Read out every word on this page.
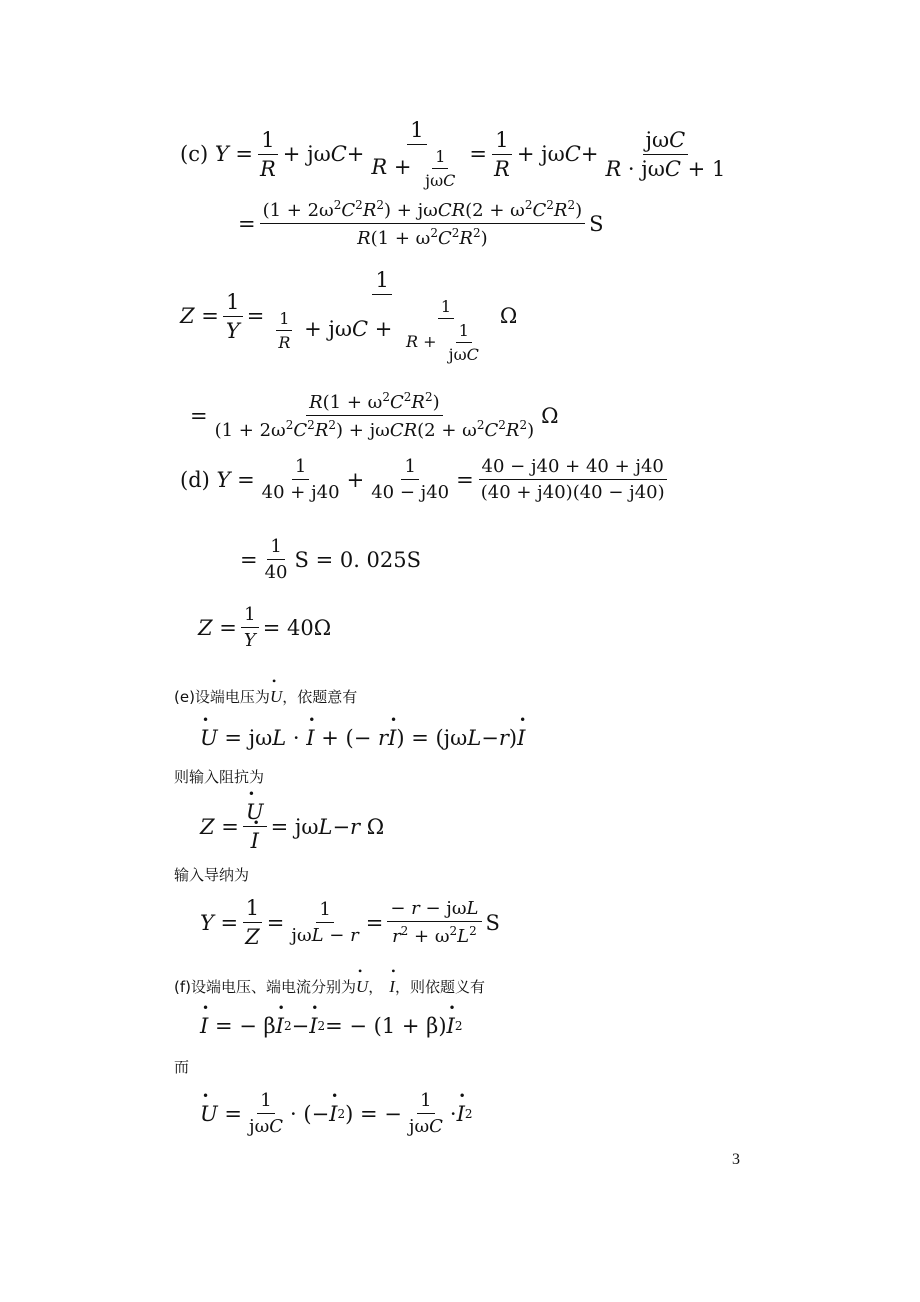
(c) $Y = \frac{1}{R} + j\omega$ $C + \frac{1}{R + \frac{1}{\text{jωC}}} = \frac{1}{R} + j\omega$ $C + \frac{\text{jωC}}{\text{R · jωC + 1}}$
= $\frac{(1 + 2\omega^2C^2R^2) + j\omega CR(2 + \omega^2C^2R^2)}{R(1 + \omega^2C^2R^2)}$ S
$Z = \frac{1}{Y} = \frac{1}{\frac{1}{R} + j\omega C + \frac{1}{R + \frac{1}{\text{jωC}}}}$ Ω
= $\frac{R(1 + \omega^2C^2R^2)}{(1 + 2\omega^2C^2R^2) + j\omega CR(2 + \omega^2C^2R^2)}$ Ω
(d) $Y = \frac{1}{40 + j40} + \frac{1}{40 - j40} = \frac{40 - j40 + 40 + j40}{(40 + j40)(40 - j40)}$
= $\frac{1}{40}$ S = 0. 025S
$Z = \frac{1}{Y} = 40\Omega$
(e)设端电压为• U，依题意有
• U = jω L · • I + (− r • I ) = (jω L − r ) • I
则输入阻抗为
Z = • U
• I = jω L − r Ω
输入导纳为
$Y = \frac{1}{Z} = \frac{1}{\text{jωL − r}} = \frac{\text{− r − jωL}}{r^2 + \omega^2L^2}$ S
(f)设端电压、端电流分别为• U， • I，则依题义有
• I = − β • I 2 − • I 2 = − (1 + β) • I 2
而
• $U = \frac{1}{\text{jωC}}$ · (− • I 2 ) = − $\frac{1}{\text{jωC}}$ · • I 2
3
